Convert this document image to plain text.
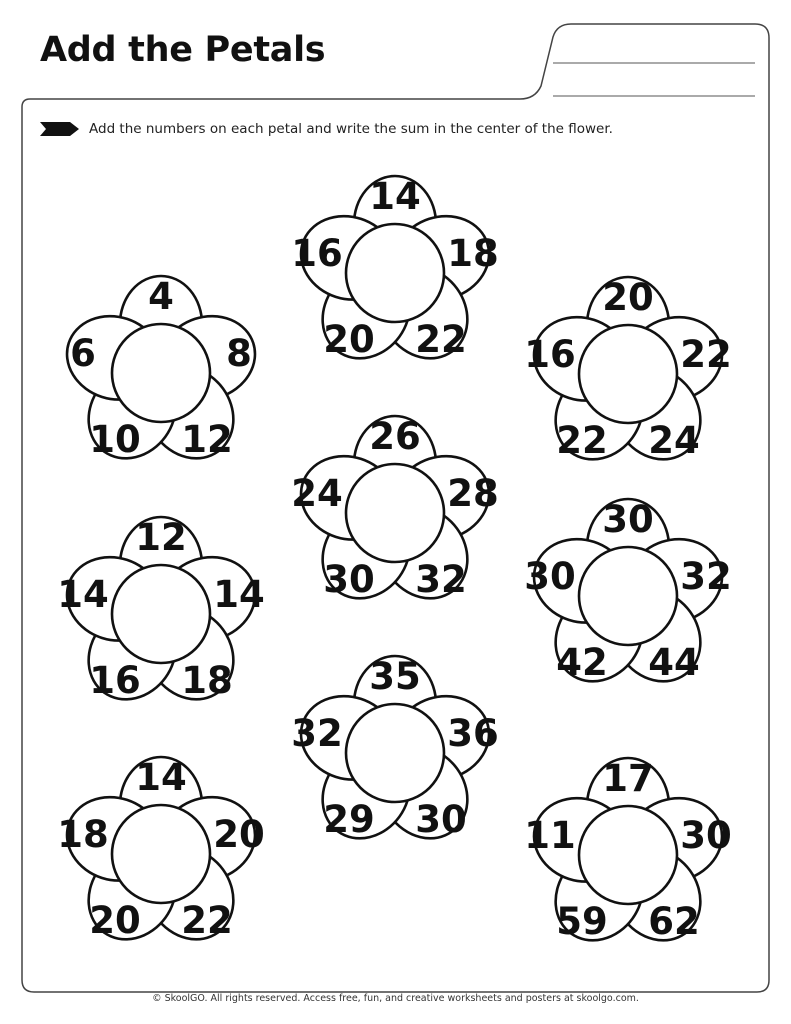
Add the Petals
Add the numbers on each petal and write the sum in the center of the flower.
4
8
12
10
6
14
18
22
20
16
20
22
24
22
16
12
14
18
16
14
26
28
32
30
24
30
32
44
42
30
14
20
22
20
18
35
36
30
29
32
17
30
62
59
11
© SkoolGO. All rights reserved. Access free, fun, and creative worksheets and posters at skoolgo.com.
